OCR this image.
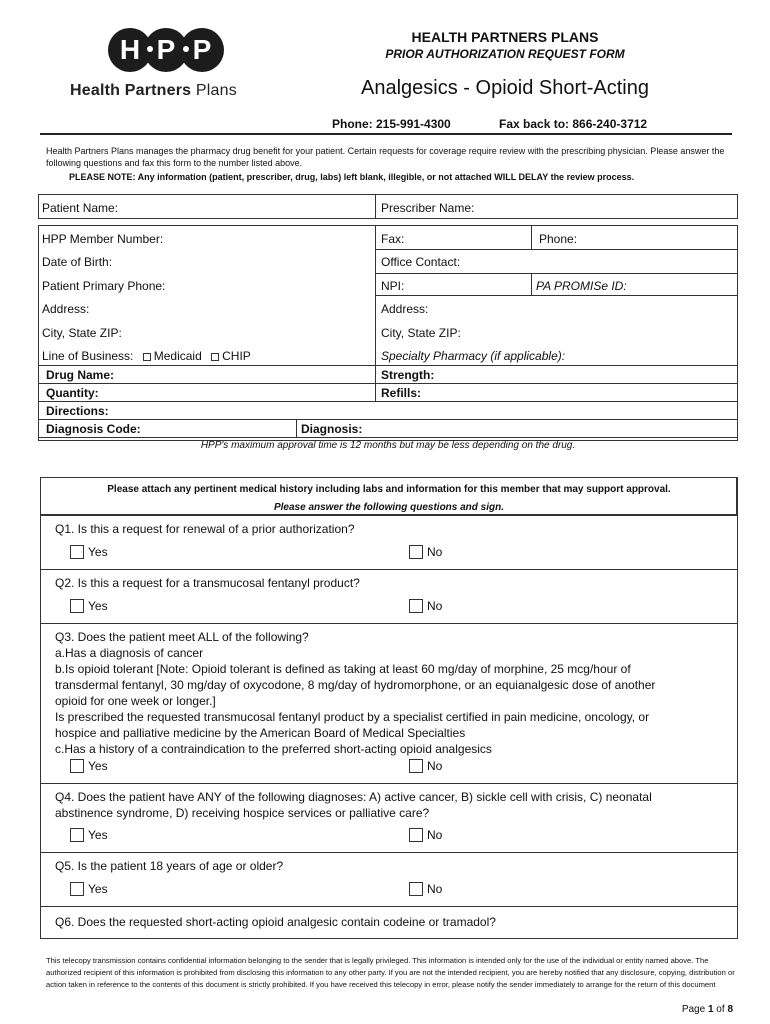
H P P
Health Partners Plans
HEALTH PARTNERS PLANS
PRIOR AUTHORIZATION REQUEST FORM
Analgesics - Opioid Short-Acting
Phone: 215-991-4300	Fax back to: 866-240-3712
Health Partners Plans manages the pharmacy drug benefit for your patient. Certain requests for coverage require review with the prescribing physician. Please answer the following questions and fax this form to the number listed above.
PLEASE NOTE: Any information (patient, prescriber, drug, labs) left blank, illegible, or not attached WILL DELAY the review process.
Patient Name:	Prescriber Name:
HPP Member Number:	Fax:	Phone:
Date of Birth:	Office Contact:
Patient Primary Phone:	NPI:	PA PROMISe ID:
Address:	Address:
City, State ZIP:	City, State ZIP:
Line of Business: Medicaid CHIP	Specialty Pharmacy (if applicable):
Drug Name:	Strength:
Quantity:	Refills:
Directions:
Diagnosis Code:	Diagnosis:
HPP's maximum approval time is 12 months but may be less depending on the drug.
Please attach any pertinent medical history including labs and information for this member that may support approval.
Please answer the following questions and sign.
Q1. Is this a request for renewal of a prior authorization?
Yes	No
Q2. Is this a request for a transmucosal fentanyl product?
Yes	No
Q3. Does the patient meet ALL of the following?
a.Has a diagnosis of cancer
b.Is opioid tolerant [Note: Opioid tolerant is defined as taking at least 60 mg/day of morphine, 25 mcg/hour of
transdermal fentanyl, 30 mg/day of oxycodone, 8 mg/day of hydromorphone, or an equianalgesic dose of another
opioid for one week or longer.]
Is prescribed the requested transmucosal fentanyl product by a specialist certified in pain medicine, oncology, or
hospice and palliative medicine by the American Board of Medical Specialties
c.Has a history of a contraindication to the preferred short-acting opioid analgesics
Yes	No
Q4. Does the patient have ANY of the following diagnoses: A) active cancer, B) sickle cell with crisis, C) neonatal
abstinence syndrome, D) receiving hospice services or palliative care?
Yes	No
Q5. Is the patient 18 years of age or older?
Yes	No
Q6. Does the requested short-acting opioid analgesic contain codeine or tramadol?
This telecopy transmission contains confidential information belonging to the sender that is legally privileged. This information is intended only for the use of the individual or entity named above. The authorized recipient of this information is prohibited from disclosing this information to any other party. If you are not the intended recipient, you are hereby notified that any disclosure, copying, distribution or action taken in reference to the contents of this document is strictly prohibited. If you have received this telecopy in error, please notify the sender immediately to arrange for the return of this document
Page 1 of 8
